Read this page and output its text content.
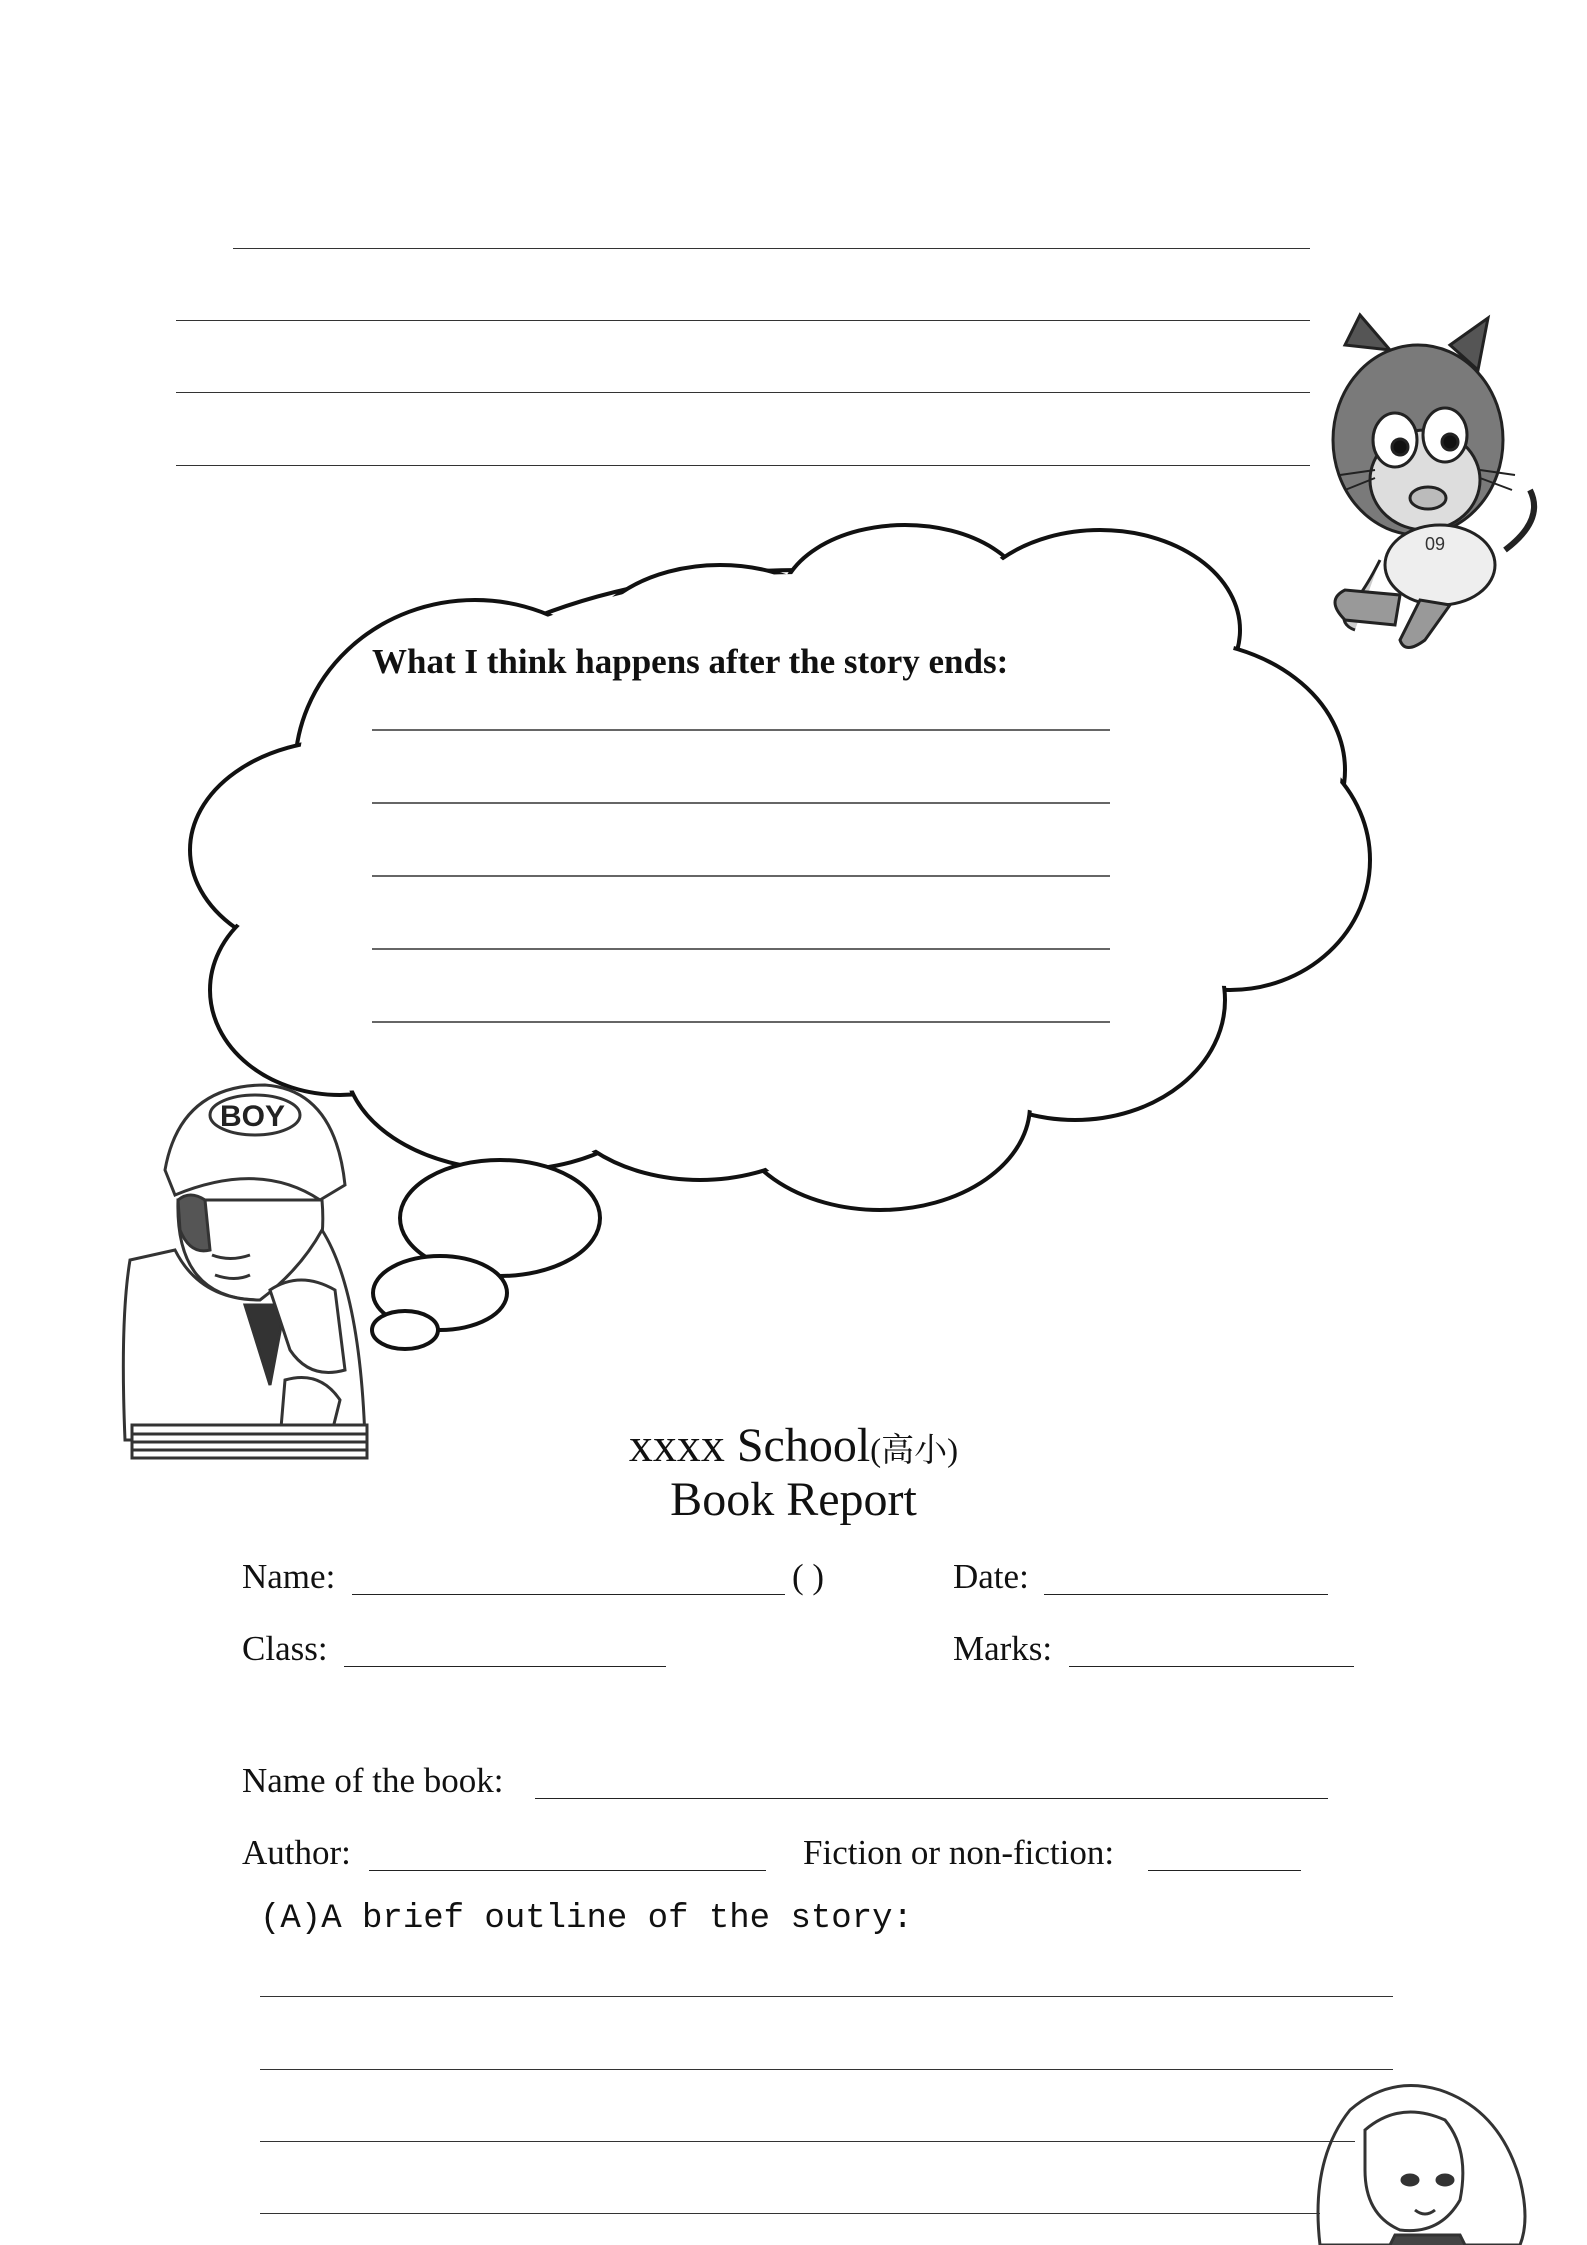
09
BOY
What I think happens after the story ends:
xxxx School(高小)
Book Report
Name:	( )	Date:
Class:	Marks:
Name of the book:
Author:	Fiction or non-fiction:
(A)A brief outline of the story:
